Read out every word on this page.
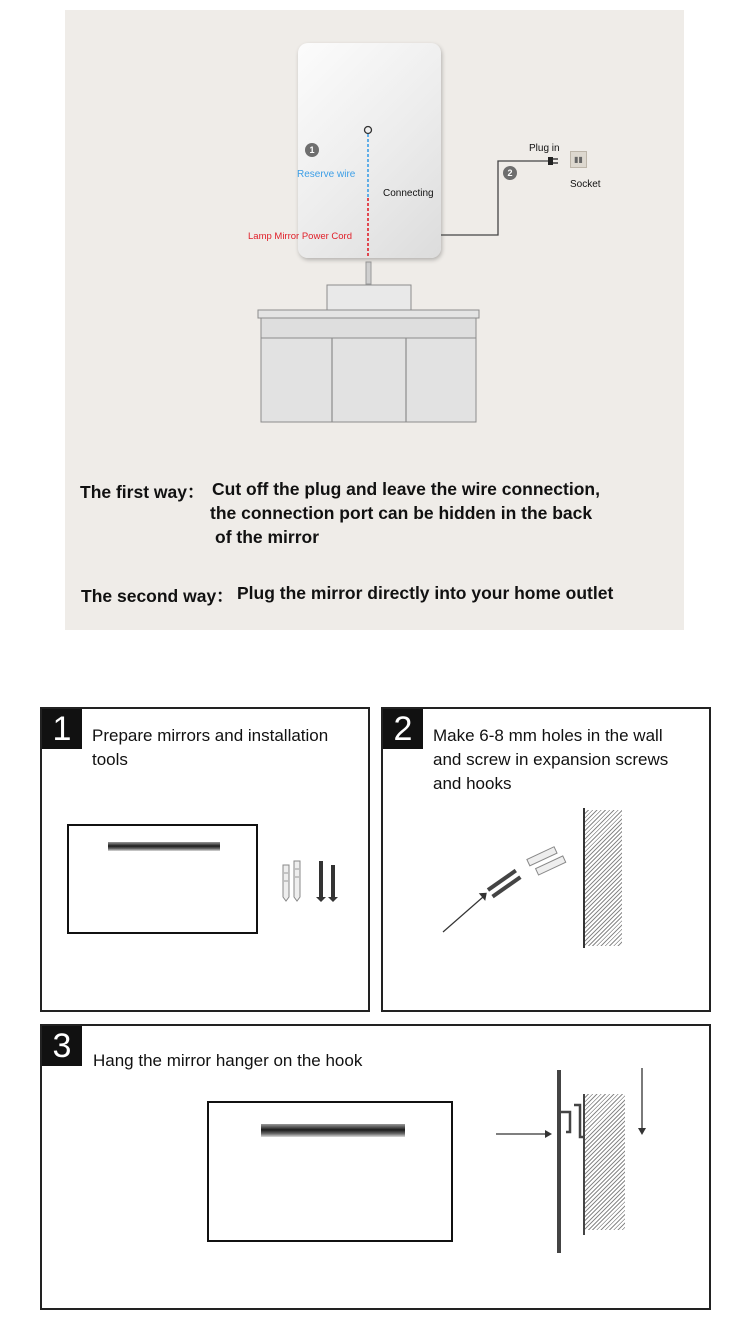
1
2
Reserve wire
Lamp Mirror Power Cord
Connecting
Plug in
▮▮
Socket
The first way： Cut off the plug and leave the wire connection,
the connection port can be hidden in the back
of the mirror
The second way： Plug the mirror directly into your home outlet
1	Prepare mirrors and installation
tools
2	Make 6-8 mm holes in the wall
and screw in expansion screws
and hooks
3	Hang the mirror hanger on the hook
